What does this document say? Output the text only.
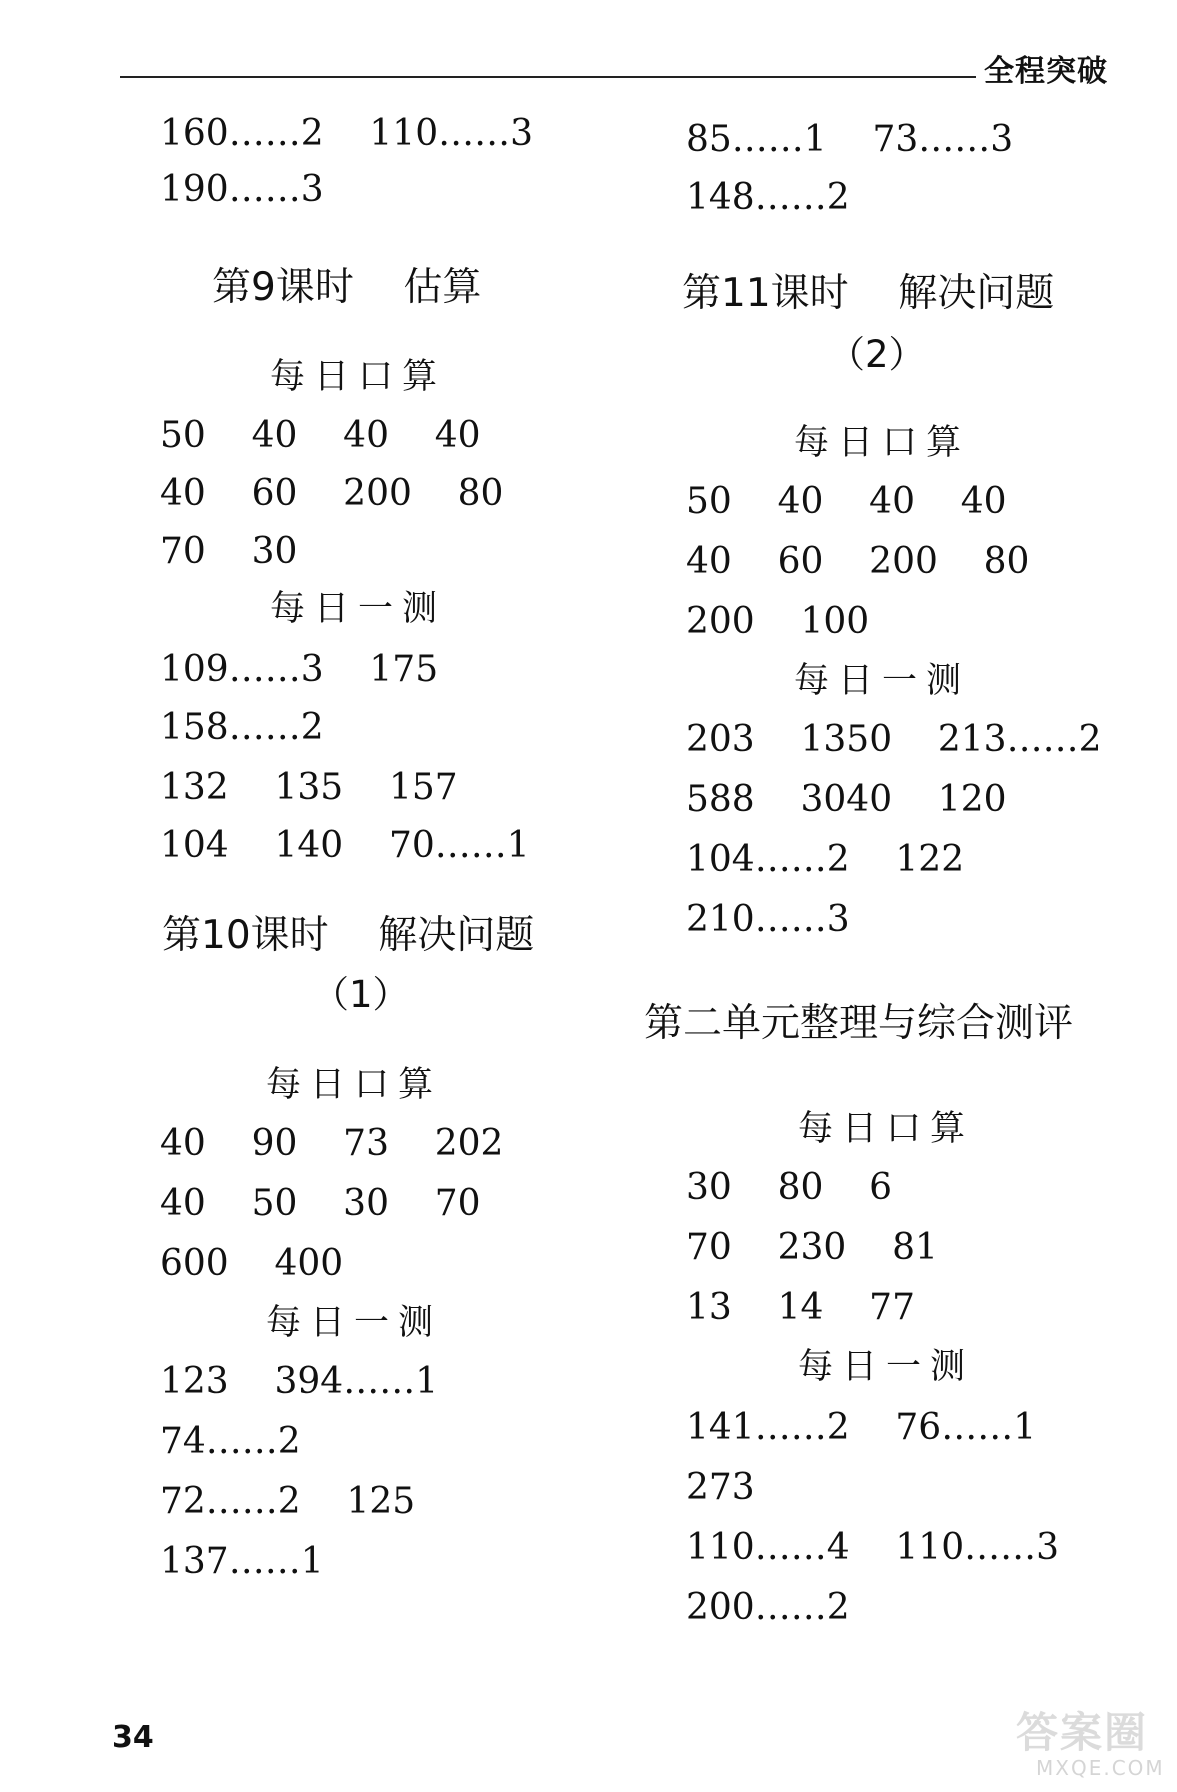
全程突破
160……2    110……3
190……3
第9课时    估算
每日口算
50    40    40    40
40    60    200    80
70    30
每日一测
109……3    175
158……2
132    135    157
104    140    70……1
第10课时    解决问题
（1）
每日口算
40    90    73    202
40    50    30    70
600    400
每日一测
123    394……1
74……2
72……2    125
137……1
85……1    73……3
148……2
第11课时    解决问题
（2）
每日口算
50    40    40    40
40    60    200    80
200    100
每日一测
203    1350    213……2
588    3040    120
104……2    122
210……3
第二单元整理与综合测评
每日口算
30    80    6
70    230    81
13    14    77
每日一测
141……2    76……1
273
110……4    110……3
200……2
34	答案圈
MXQE.COM
